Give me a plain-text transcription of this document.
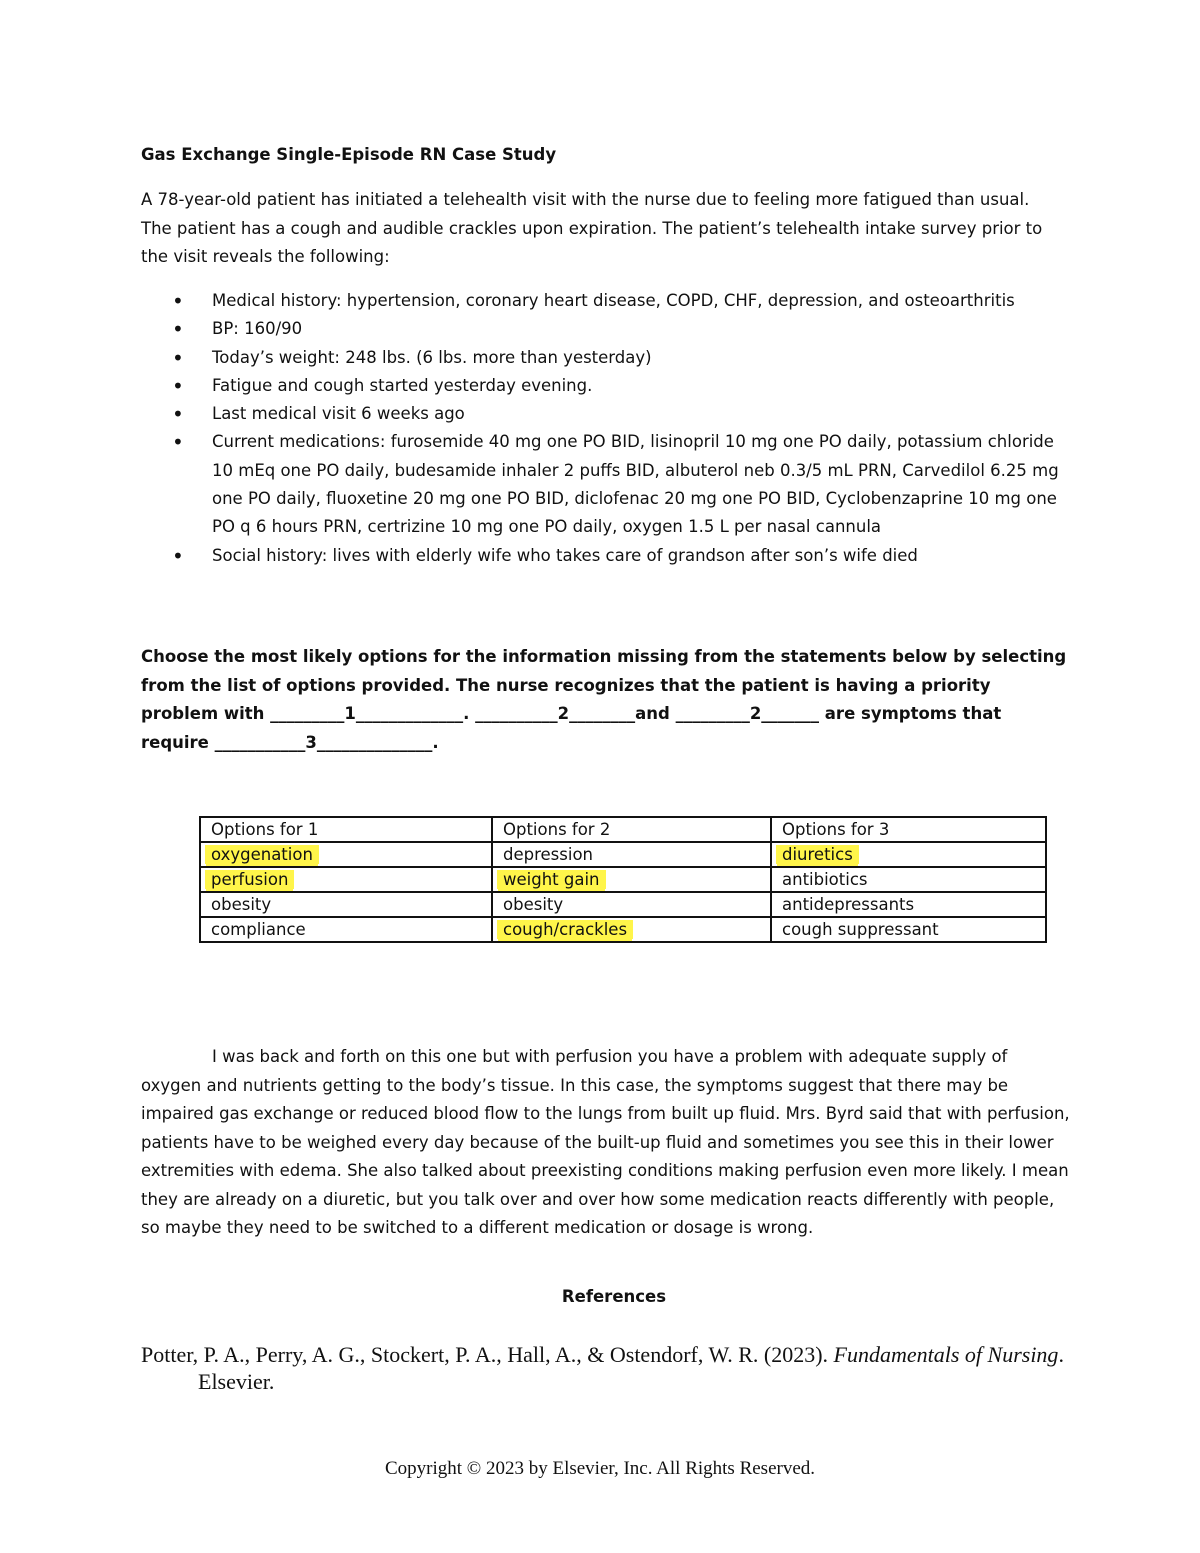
Gas Exchange Single-Episode RN Case Study
A 78-year-old patient has initiated a telehealth visit with the nurse due to feeling more fatigued than usual. The patient has a cough and audible crackles upon expiration. The patient’s telehealth intake survey prior to the visit reveals the following:
• Medical history: hypertension, coronary heart disease, COPD, CHF, depression, and osteoarthritis
• BP: 160/90
• Today’s weight: 248 lbs. (6 lbs. more than yesterday)
• Fatigue and cough started yesterday evening.
• Last medical visit 6 weeks ago
• Current medications: furosemide 40 mg one PO BID, lisinopril 10 mg one PO daily, potassium chloride 10 mEq one PO daily, budesamide inhaler 2 puffs BID, albuterol neb 0.3/5 mL PRN, Carvedilol 6.25 mg one PO daily, fluoxetine 20 mg one PO BID, diclofenac 20 mg one PO BID, Cyclobenzaprine 10 mg one PO q 6 hours PRN, certrizine 10 mg one PO daily, oxygen 1.5 L per nasal cannula
• Social history: lives with elderly wife who takes care of grandson after son’s wife died
Choose the most likely options for the information missing from the statements below by selecting from the list of options provided. The nurse recognizes that the patient is having a priority problem with _________1_____________. __________2________and _________2_______ are symptoms that require ___________3______________.
Options for 1	Options for 2	Options for 3
oxygenation	depression	diuretics
perfusion	weight gain	antibiotics
obesity	obesity	antidepressants
compliance	cough/crackles	cough suppressant
I was back and forth on this one but with perfusion you have a problem with adequate supply of oxygen and nutrients getting to the body’s tissue. In this case, the symptoms suggest that there may be impaired gas exchange or reduced blood flow to the lungs from built up fluid. Mrs. Byrd said that with perfusion, patients have to be weighed every day because of the built-up fluid and sometimes you see this in their lower extremities with edema. She also talked about preexisting conditions making perfusion even more likely. I mean they are already on a diuretic, but you talk over and over how some medication reacts differently with people, so maybe they need to be switched to a different medication or dosage is wrong.
References
Potter, P. A., Perry, A. G., Stockert, P. A., Hall, A., & Ostendorf, W. R. (2023). Fundamentals of Nursing. Elsevier.
Copyright © 2023 by Elsevier, Inc. All Rights Reserved.
